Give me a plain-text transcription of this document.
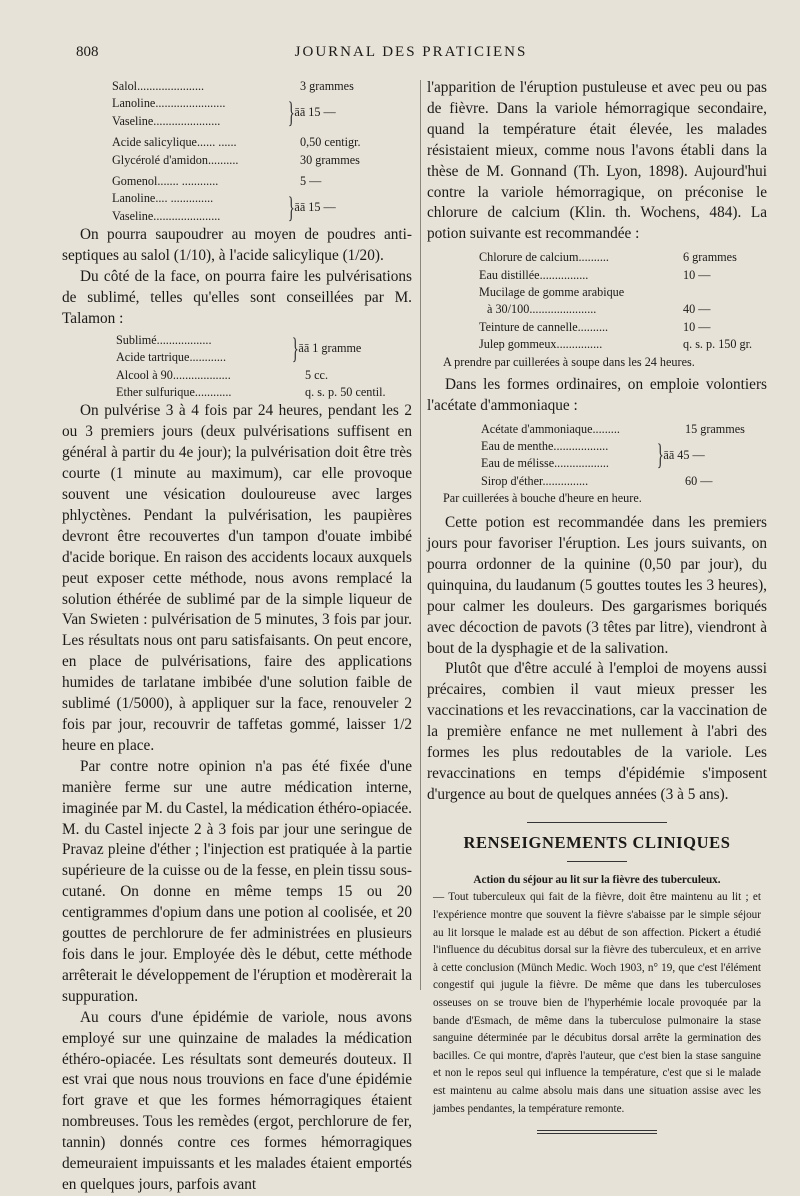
808	JOURNAL DES PRATICIENS
Salol......................	3 grammes
Lanoline.......................
Vaseline...................... } āā 15 —
Acide salicylique...... ......	0,50 centigr.
Glycérolé d'amidon..........	30 grammes
Gomenol....... ............	5 —
Lanoline.... ..............
Vaseline...................... } āā 15 —

On pourra saupoudrer au moyen de poudres anti-septiques au salol (1/10), à l'acide salicylique (1/20).

Du côté de la face, on pourra faire les pulvérisations de sublimé, telles qu'elles sont conseillées par M. Talamon :

Sublimé..................
Acide tartrique............ } āā 1 gramme
Alcool à 90...................	5 cc.
Ether sulfurique............	q. s. p. 50 centil.

On pulvérise 3 à 4 fois par 24 heures, pendant les 2 ou 3 premiers jours (deux pulvérisations suffisent en général à partir du 4e jour); la pulvérisation doit être très courte (1 minute au maximum), car elle provoque souvent une vésication douloureuse avec larges phlyctènes. Pendant la pulvérisation, les paupières devront être recouvertes d'un tampon d'ouate imbibé d'acide borique. En raison des accidents locaux auxquels peut exposer cette méthode, nous avons remplacé la solution éthérée de sublimé par de la simple liqueur de Van Swieten : pulvérisation de 5 minutes, 3 fois par jour. Les résultats nous ont paru satisfaisants. On peut encore, en place de pulvérisations, faire des applications humides de tarlatane imbibée d'une solution faible de sublimé (1/5000), à appliquer sur la face, renouveler 2 fois par jour, recouvrir de taffetas gommé, laisser 1/2 heure en place.

Par contre notre opinion n'a pas été fixée d'une manière ferme sur une autre médication interne, imaginée par M. du Castel, la médication éthéro-opiacée. M. du Castel injecte 2 à 3 fois par jour une seringue de Pravaz pleine d'éther ; l'injection est pratiquée à la partie supérieure de la cuisse ou de la fesse, en plein tissu sous-cutané. On donne en même temps 15 ou 20 centigrammes d'opium dans une potion al coolisée, et 20 gouttes de perchlorure de fer administrées en plusieurs fois dans le jour. Employée dès le début, cette méthode arrêterait le développement de l'éruption et modèrerait la suppuration.

Au cours d'une épidémie de variole, nous avons employé sur une quinzaine de malades la médication éthéro-opiacée. Les résultats sont demeurés douteux. Il est vrai que nous nous trouvions en face d'une épidémie fort grave et que les formes hémorragiques étaient nombreuses. Tous les remèdes (ergot, perchlorure de fer, tannin) donnés contre ces formes hémorragiques demeuraient impuissants et les malades étaient emportés en quelques jours, parfois avant

l'apparition de l'éruption pustuleuse et avec peu ou pas de fièvre. Dans la variole hémorragique secondaire, quand la température était élevée, les malades résistaient mieux, comme nous l'avons établi dans la thèse de M. Gonnand (Th. Lyon, 1898). Aujourd'hui contre la variole hémorragique, on préconise le chlorure de calcium (Klin. th. Wochens, 484). La potion suivante est recommandée :

Chlorure de calcium..........	6 grammes
Eau distillée................	10 —
Mucilage de gomme arabique
à 30/100......................	40 —
Teinture de cannelle..........	10 —
Julep gommeux...............	q. s. p. 150 gr.
A prendre par cuillerées à soupe dans les 24 heures.

Dans les formes ordinaires, on emploie volontiers l'acétate d'ammoniaque :

Acétate d'ammoniaque.........	15 grammes
Eau de menthe..................
Eau de mélisse.................. } āā 45 —
Sirop d'éther...............	60 —
Par cuillerées à bouche d'heure en heure.

Cette potion est recommandée dans les premiers jours pour favoriser l'éruption. Les jours suivants, on pourra ordonner de la quinine (0,50 par jour), du quinquina, du laudanum (5 gouttes toutes les 3 heures), pour calmer les douleurs. Des gargarismes boriqués avec décoction de pavots (3 têtes par litre), viendront à bout de la dysphagie et de la salivation.

Plutôt que d'être acculé à l'emploi de moyens aussi précaires, combien il vaut mieux presser les vaccinations et les revaccinations, car la vaccination de la première enfance ne met nullement à l'abri des formes les plus redoutables de la variole. Les revaccinations en temps d'épidémie s'imposent d'urgence au bout de quelques années (3 à 5 ans).

RENSEIGNEMENTS CLINIQUES

Action du séjour au lit sur la fièvre des tuberculeux.

— Tout tuberculeux qui fait de la fièvre, doit être maintenu au lit ; et l'expérience montre que souvent la fièvre s'abaisse par le simple séjour au lit lorsque le malade est au début de son affection. Pickert a étudié l'influence du décubitus dorsal sur la fièvre des tuberculeux, et en arrive à cette conclusion (Münch Medic. Woch 1903, n° 19, que c'est l'élément congestif qui jugule la fièvre. De même que dans les tuberculoses osseuses on se trouve bien de l'hyperhémie locale provoquée par la bande d'Esmach, de même dans la tuberculose pulmonaire la stase sanguine déterminée par le décubitus dorsal arrête la germination des bacilles. Ce qui montre, d'après l'auteur, que c'est bien la stase sanguine et non le repos seul qui influence la température, c'est que si le malade est maintenu au calme absolu mais dans une situation assise avec les jambes pendantes, la température remonte.
